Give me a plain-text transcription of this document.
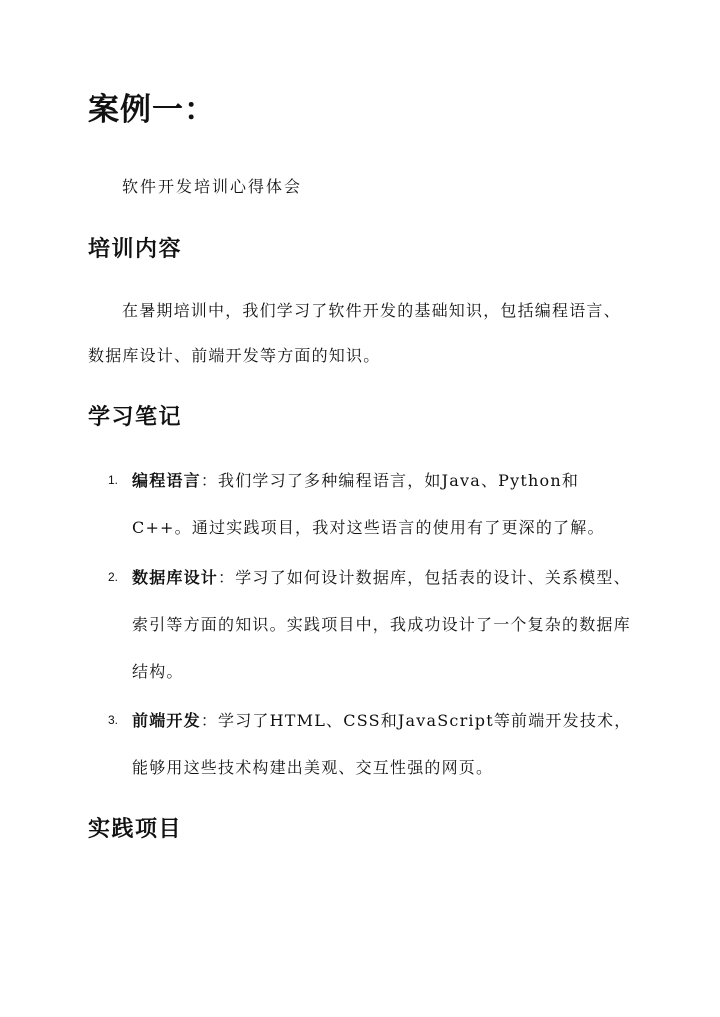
案例一：

软件开发培训心得体会

培训内容

在暑期培训中，我们学习了软件开发的基础知识，包括编程语言、数据库设计、前端开发等方面的知识。

学习笔记
1. 编程语言：我们学习了多种编程语言，如Java、Python和C++。通过实践项目，我对这些语言的使用有了更深的了解。
2. 数据库设计：学习了如何设计数据库，包括表的设计、关系模型、索引等方面的知识。实践项目中，我成功设计了一个复杂的数据库结构。
3. 前端开发：学习了HTML、CSS和JavaScript等前端开发技术，能够用这些技术构建出美观、交互性强的网页。
实践项目
